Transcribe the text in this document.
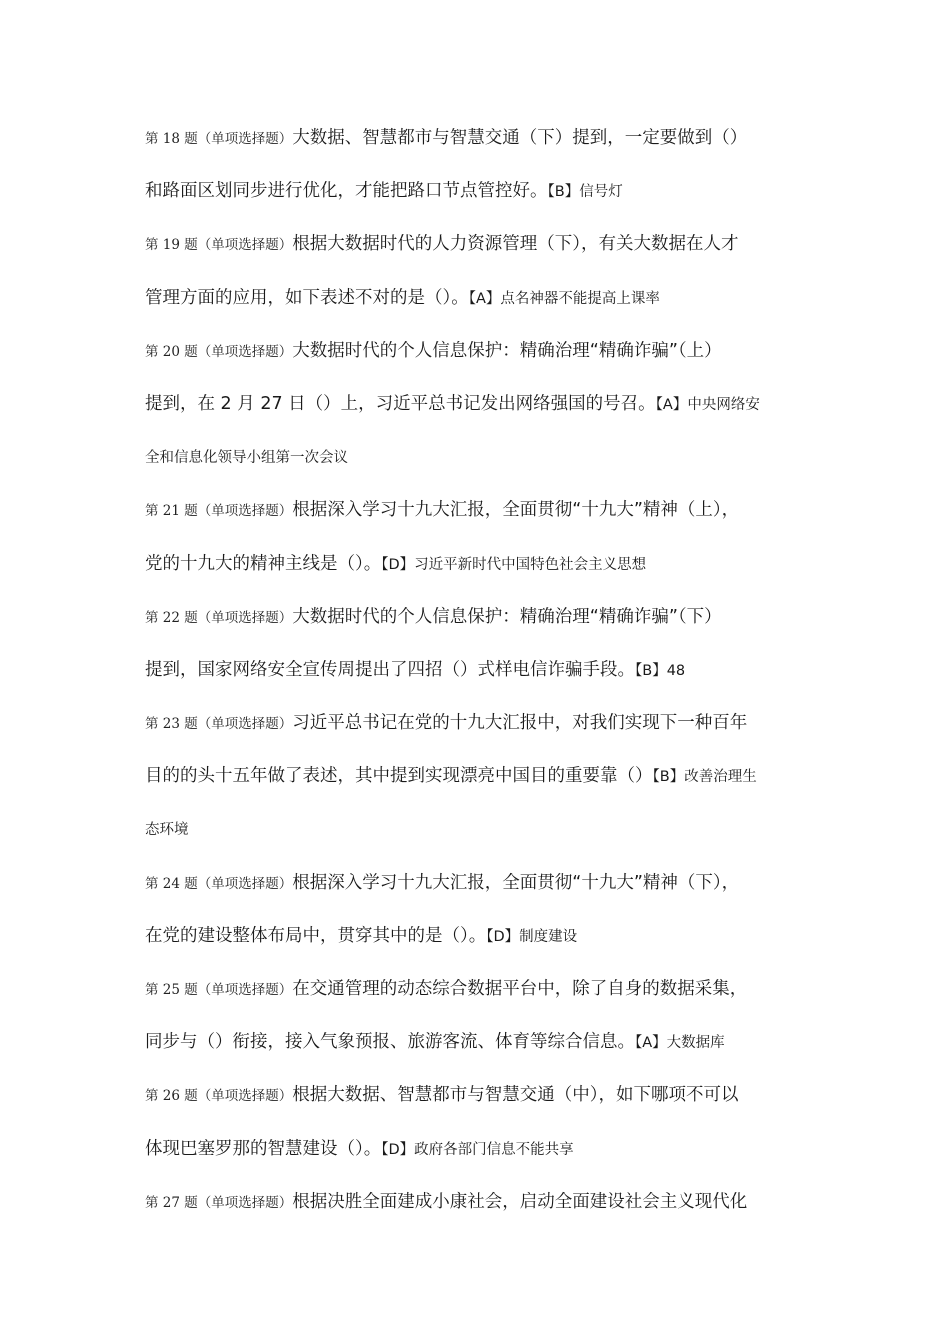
第 18 题（单项选择题）大数据、智慧都市与智慧交通（下）提到，一定要做到（）
和路面区划同步进行优化，才能把路口节点管控好。【B】信号灯
第 19 题（单项选择题）根据大数据时代的人力资源管理（下），有关大数据在人才
管理方面的应用，如下表述不对的是（）。【A】点名神器不能提高上课率
第 20 题（单项选择题）大数据时代的个人信息保护：精确治理“精确诈骗”（上）
提到，在 2 月 27 日（）上，习近平总书记发出网络强国的号召。【A】中央网络安
全和信息化领导小组第一次会议
第 21 题（单项选择题）根据深入学习十九大汇报，全面贯彻“十九大”精神（上），
党的十九大的精神主线是（）。【D】习近平新时代中国特色社会主义思想
第 22 题（单项选择题）大数据时代的个人信息保护：精确治理“精确诈骗”（下）
提到，国家网络安全宣传周提出了四招（）式样电信诈骗手段。【B】48
第 23 题（单项选择题）习近平总书记在党的十九大汇报中，对我们实现下一种百年
目的的头十五年做了表述，其中提到实现漂亮中国目的重要靠（）【B】改善治理生
态环境
第 24 题（单项选择题）根据深入学习十九大汇报，全面贯彻“十九大”精神（下），
在党的建设整体布局中，贯穿其中的是（）。【D】制度建设
第 25 题（单项选择题）在交通管理的动态综合数据平台中，除了自身的数据采集，
同步与（）衔接，接入气象预报、旅游客流、体育等综合信息。【A】大数据库
第 26 题（单项选择题）根据大数据、智慧都市与智慧交通（中），如下哪项不可以
体现巴塞罗那的智慧建设（）。【D】政府各部门信息不能共享
第 27 题（单项选择题）根据决胜全面建成小康社会，启动全面建设社会主义现代化
